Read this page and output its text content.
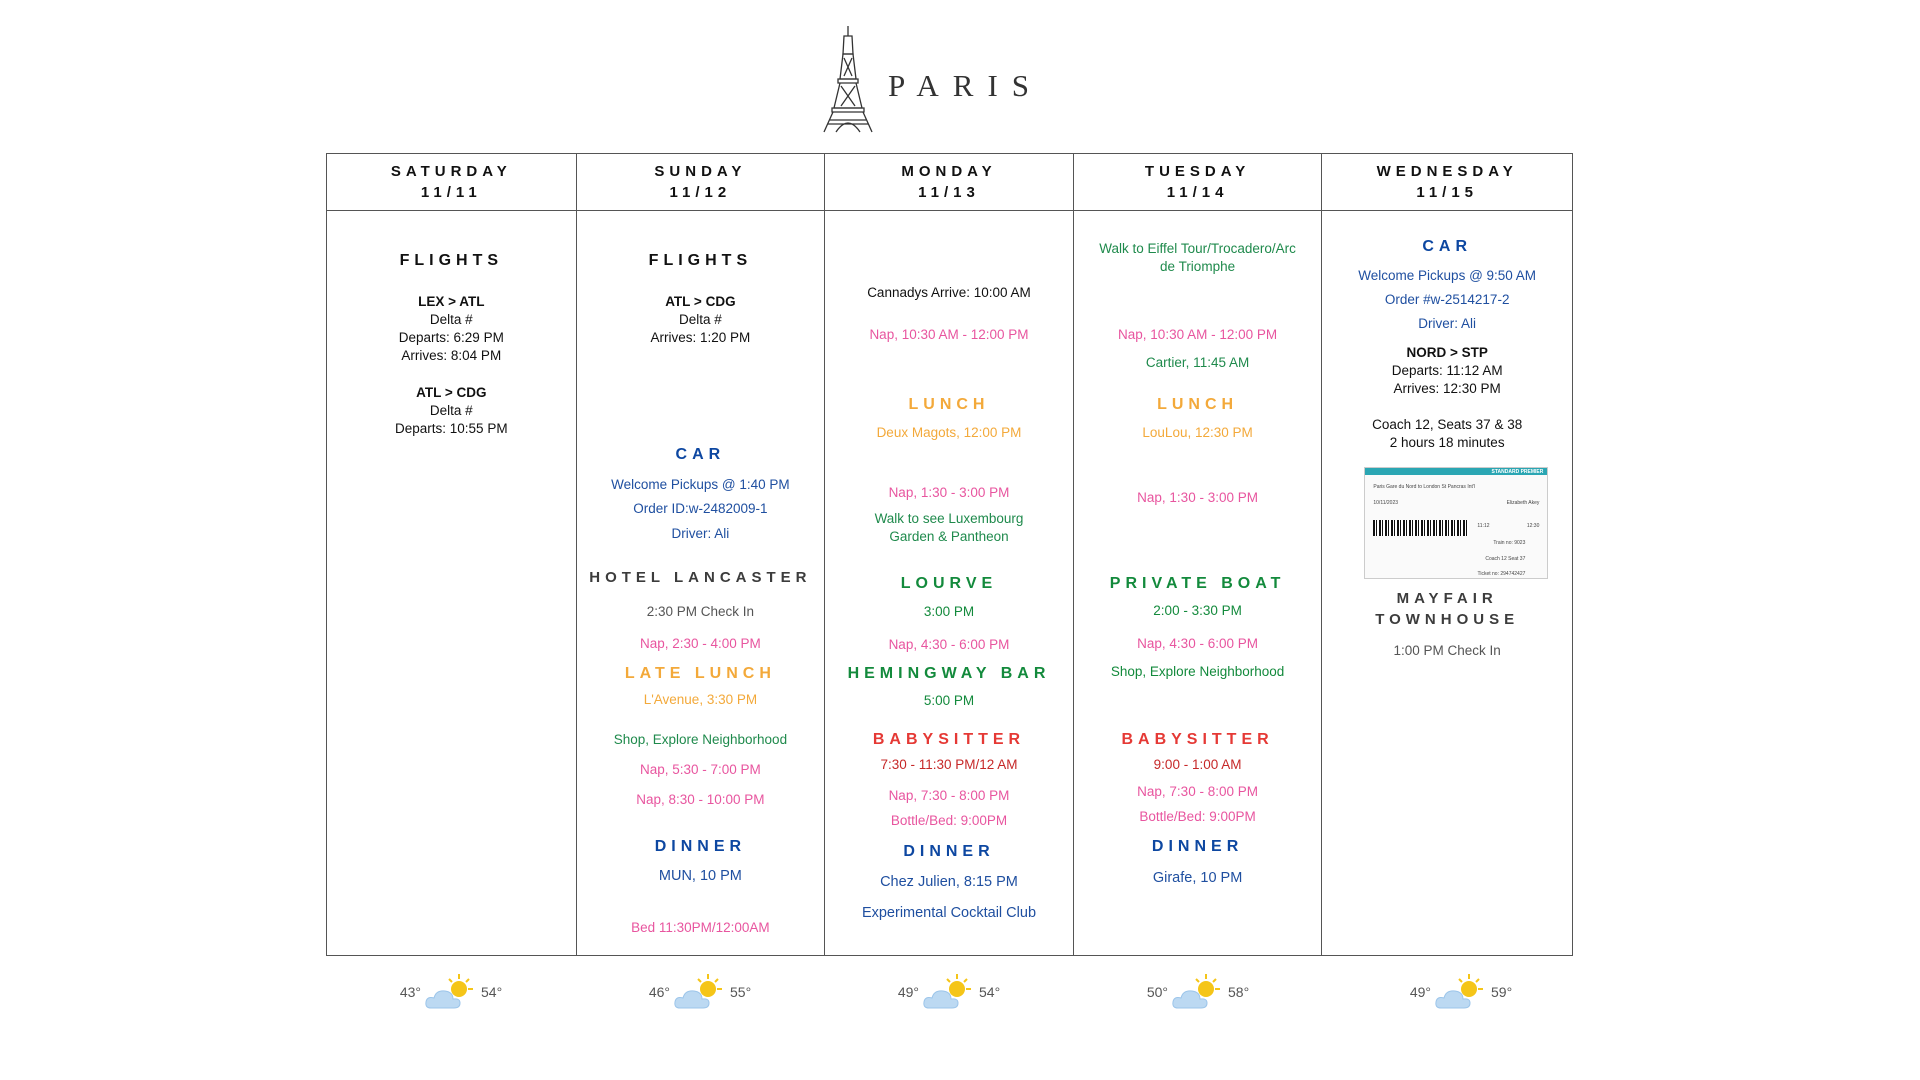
PARIS
SATURDAY
11/11
FLIGHTS
LEX > ATL
Delta #
Departs: 6:29 PM
Arrives: 8:04 PM
ATL > CDG
Delta #
Departs: 10:55 PM
SUNDAY
11/12
FLIGHTS
ATL > CDG
Delta #
Arrives: 1:20 PM
CAR
Welcome Pickups @ 1:40 PM
Order ID:w-2482009-1
Driver: Ali
HOTEL LANCASTER
2:30 PM Check In
Nap, 2:30 - 4:00 PM
LATE LUNCH
L'Avenue, 3:30 PM
Shop, Explore Neighborhood
Nap, 5:30 - 7:00 PM
Nap, 8:30 - 10:00 PM
DINNER
MUN, 10 PM
Bed 11:30PM/12:00AM
MONDAY
11/13
Cannadys Arrive: 10:00 AM
Nap, 10:30 AM - 12:00 PM
LUNCH
Deux Magots, 12:00 PM
Nap, 1:30 - 3:00 PM
Walk to see Luxembourg
Garden & Pantheon
LOURVE
3:00 PM
Nap, 4:30 - 6:00 PM
HEMINGWAY BAR
5:00 PM
BABYSITTER
7:30 - 11:30 PM/12 AM
Nap, 7:30 - 8:00 PM
Bottle/Bed: 9:00PM
DINNER
Chez Julien, 8:15 PM
Experimental Cocktail Club
TUESDAY
11/14
Walk to Eiffel Tour/Trocadero/Arc
de Triomphe
Nap, 10:30 AM - 12:00 PM
Cartier, 11:45 AM
LUNCH
LouLou, 12:30 PM
Nap, 1:30 - 3:00 PM
PRIVATE BOAT
2:00 - 3:30 PM
Nap, 4:30 - 6:00 PM
Shop, Explore Neighborhood
BABYSITTER
9:00 - 1:00 AM
Nap, 7:30 - 8:00 PM
Bottle/Bed: 9:00PM
DINNER
Girafe, 10 PM
WEDNESDAY
11/15
CAR
Welcome Pickups @ 9:50 AM
Order #w-2514217-2
Driver: Ali
NORD > STP
Departs: 11:12 AM
Arrives: 12:30 PM
Coach 12, Seats 37 & 38
2 hours 18 minutes
STANDARD PREMIER
Paris Gare du Nord to London St Pancras Int'l
10/11/2023	Elizabeth Akey
11:12	12:30
Train no: 9023
Coach 12 Seat 37
Ticket no: 294742427
MAYFAIR
TOWNHOUSE
1:00 PM Check In
43°	54°	46°	55°	49°	54°	50°	58°	49°	59°
